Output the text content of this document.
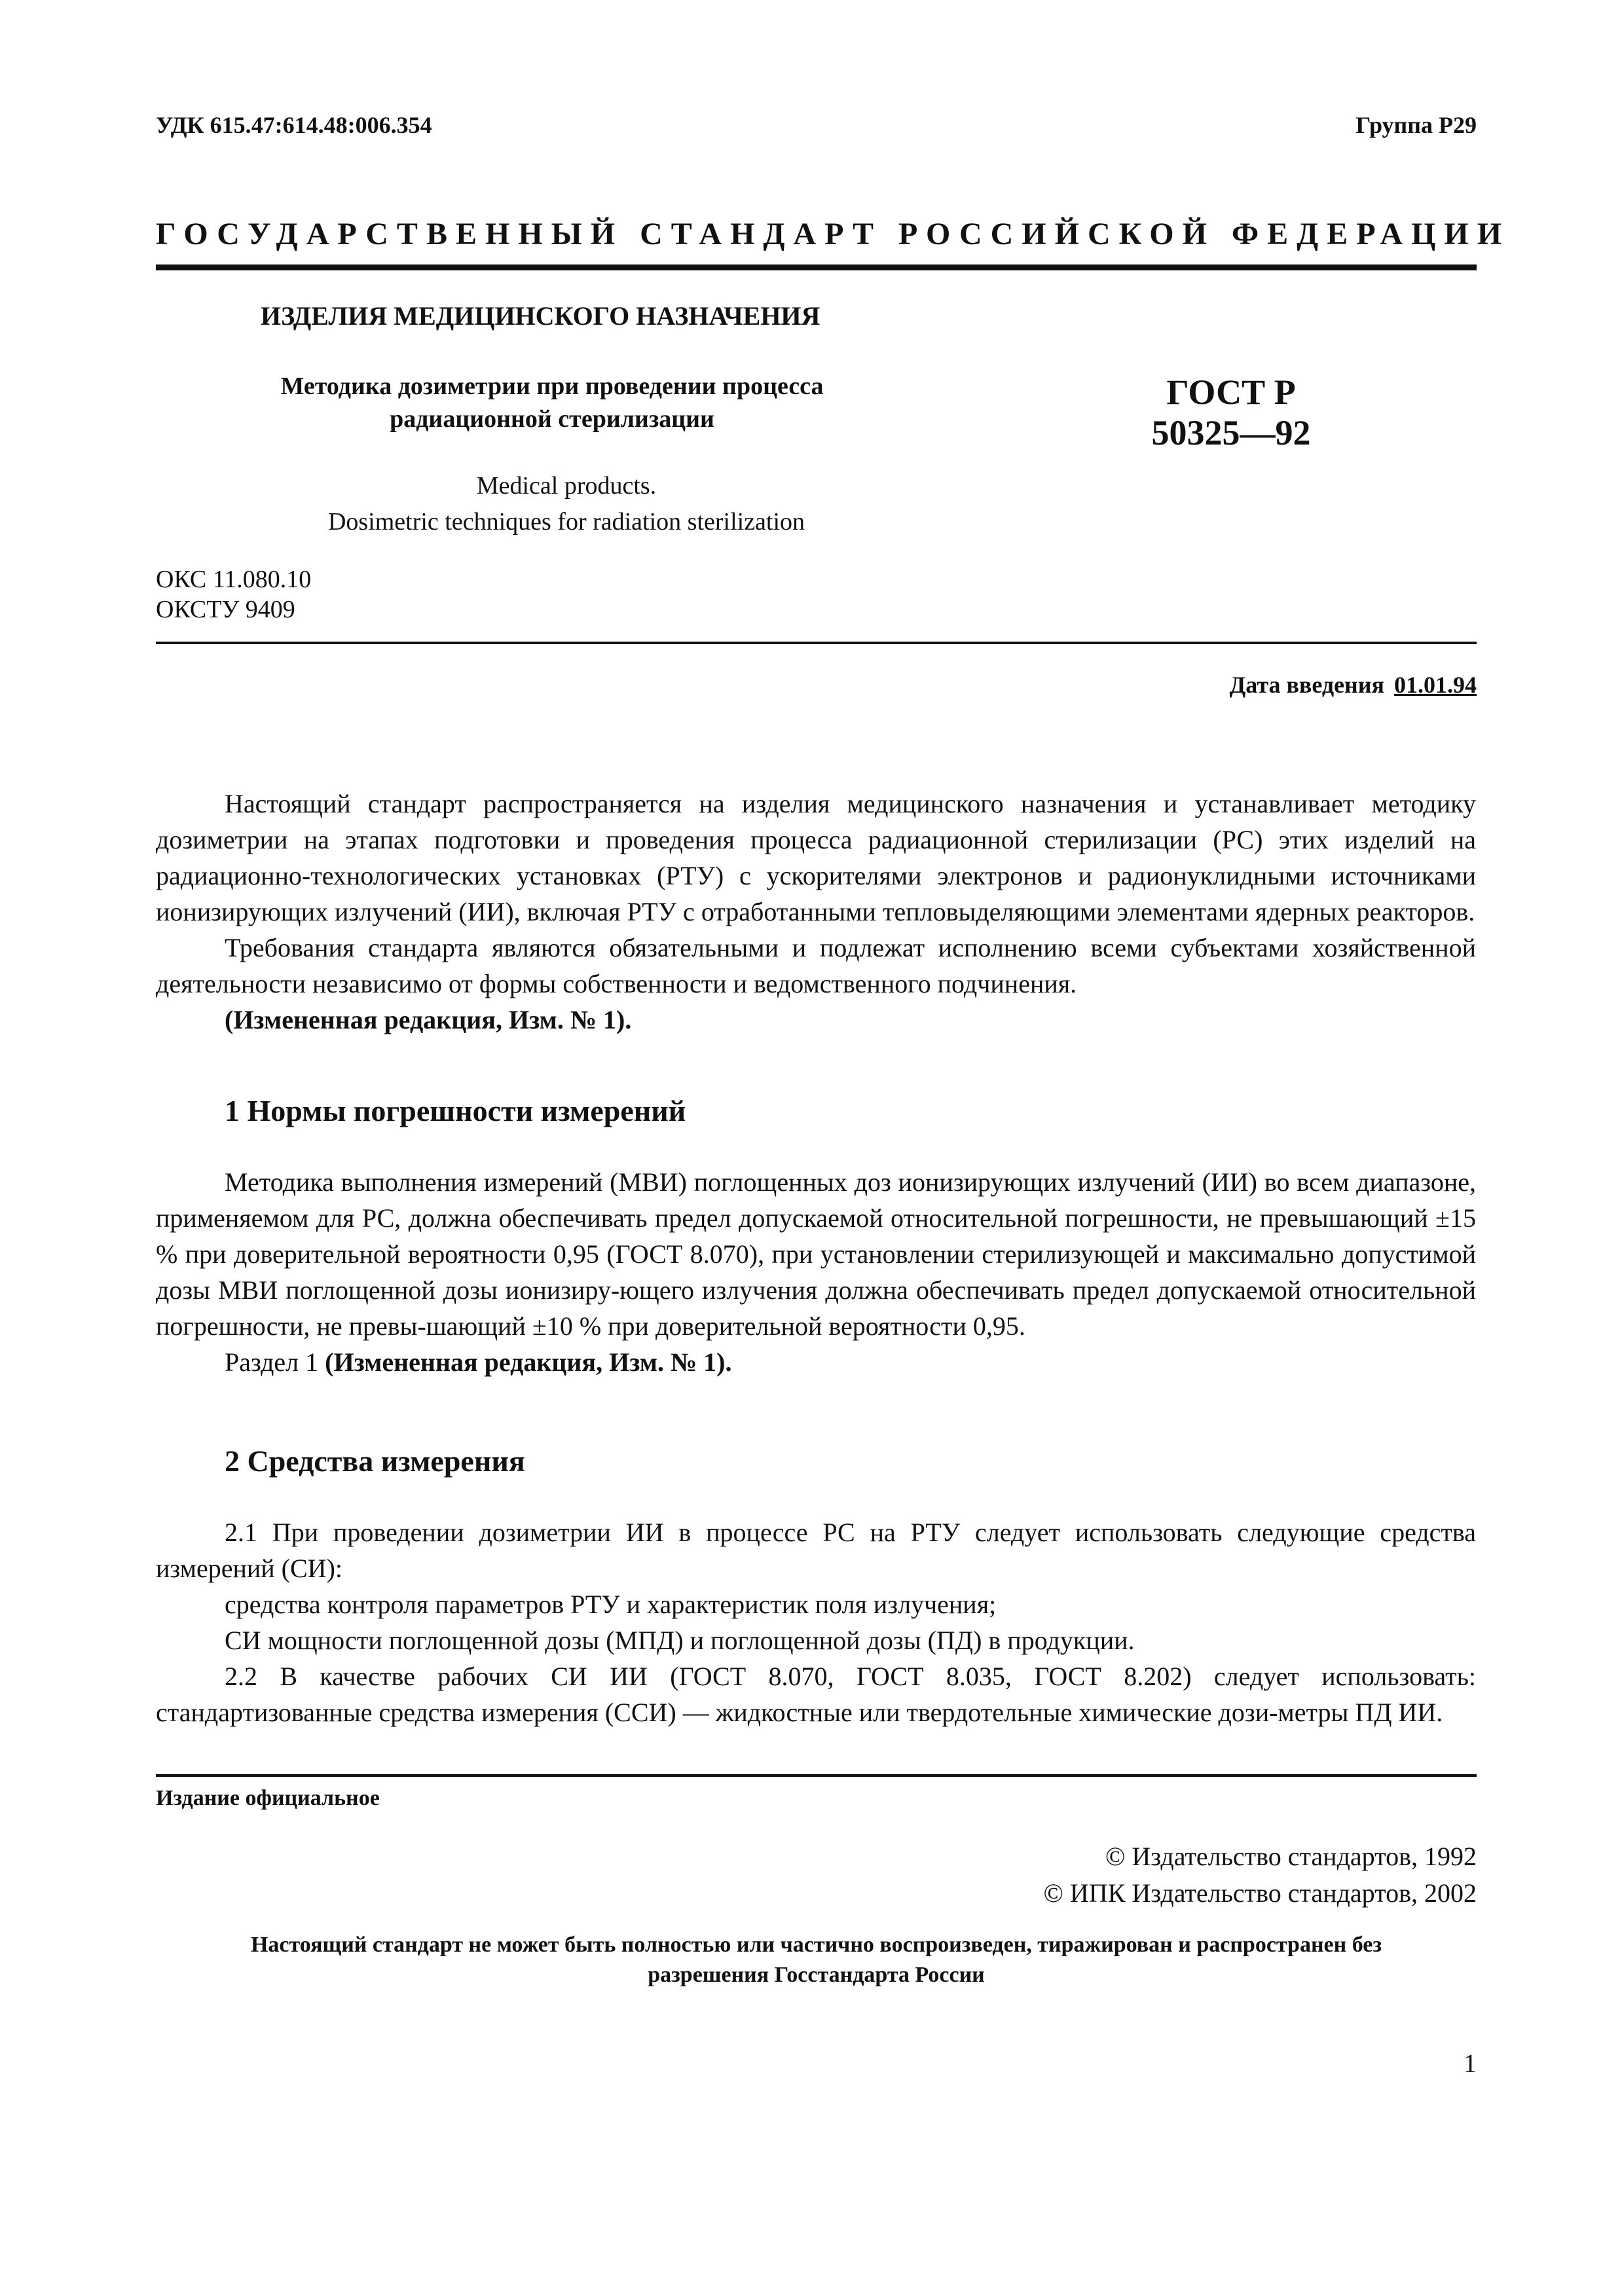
УДК 615.47:614.48:006.354	Группа Р29
ГОСУДАРСТВЕННЫЙ СТАНДАРТ РОССИЙСКОЙ ФЕДЕРАЦИИ
ИЗДЕЛИЯ МЕДИЦИНСКОГО НАЗНАЧЕНИЯ
Методика дозиметрии при проведении процесса
радиационной стерилизации
ГОСТ Р
50325—92
Medical products.
Dosimetric techniques for radiation sterilization
ОКС 11.080.10
ОКСТУ 9409
Дата введения 01.01.94

Настоящий стандарт распространяется на изделия медицинского назначения и устанавливает методику дозиметрии на этапах подготовки и проведения процесса радиационной стерилизации (РС) этих изделий на радиационно-технологических установках (РТУ) с ускорителями электронов и радионуклидными источниками ионизирующих излучений (ИИ), включая РТУ с отработанными тепловыделяющими элементами ядерных реакторов.

Требования стандарта являются обязательными и подлежат исполнению всеми субъектами хозяйственной деятельности независимо от формы собственности и ведомственного подчинения.

(Измененная редакция, Изм. № 1).

1 Нормы погрешности измерений

Методика выполнения измерений (МВИ) поглощенных доз ионизирующих излучений (ИИ) во всем диапазоне, применяемом для РС, должна обеспечивать предел допускаемой относительной погрешности, не превышающий ±15 % при доверительной вероятности 0,95 (ГОСТ 8.070), при установлении стерилизующей и максимально допустимой дозы МВИ поглощенной дозы ионизиру-ющего излучения должна обеспечивать предел допускаемой относительной погрешности, не превы-шающий ±10 % при доверительной вероятности 0,95.

Раздел 1 (Измененная редакция, Изм. № 1).

2 Средства измерения

2.1 При проведении дозиметрии ИИ в процессе РС на РТУ следует использовать следующие средства измерений (СИ):

средства контроля параметров РТУ и характеристик поля излучения;

СИ мощности поглощенной дозы (МПД) и поглощенной дозы (ПД) в продукции.

2.2 В качестве рабочих СИ ИИ (ГОСТ 8.070, ГОСТ 8.035, ГОСТ 8.202) следует использовать: стандартизованные средства измерения (ССИ) — жидкостные или твердотельные химические дози-метры ПД ИИ.

Издание официальное
© Издательство стандартов, 1992
© ИПК Издательство стандартов, 2002
Настоящий стандарт не может быть полностью или частично воспроизведен, тиражирован и распространен без
разрешения Госстандарта России
1
